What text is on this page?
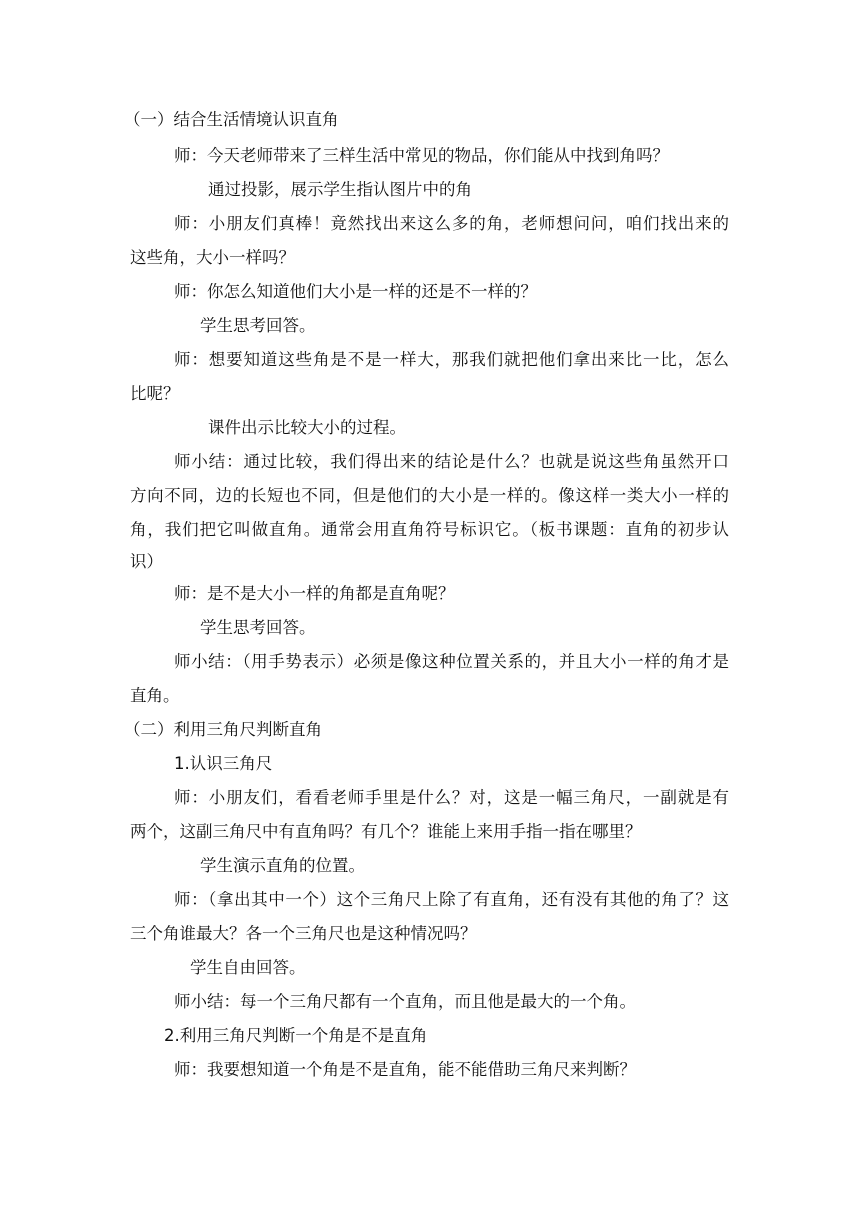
（一）结合生活情境认识直角
师：今天老师带来了三样生活中常见的物品，你们能从中找到角吗？
通过投影，展示学生指认图片中的角
师：小朋友们真棒！竟然找出来这么多的角，老师想问问，咱们找出来的
这些角，大小一样吗？
师：你怎么知道他们大小是一样的还是不一样的？
学生思考回答。
师：想要知道这些角是不是一样大，那我们就把他们拿出来比一比，怎么
比呢？
课件出示比较大小的过程。
师小结：通过比较，我们得出来的结论是什么？也就是说这些角虽然开口
方向不同，边的长短也不同，但是他们的大小是一样的。像这样一类大小一样的
角，我们把它叫做直角。通常会用直角符号标识它。（板书课题：直角的初步认
识）
师：是不是大小一样的角都是直角呢？
学生思考回答。
师小结：（用手势表示）必须是像这种位置关系的，并且大小一样的角才是
直角。
（二）利用三角尺判断直角
1.认识三角尺
师：小朋友们，看看老师手里是什么？对，这是一幅三角尺，一副就是有
两个，这副三角尺中有直角吗？有几个？谁能上来用手指一指在哪里？
学生演示直角的位置。
师：（拿出其中一个）这个三角尺上除了有直角，还有没有其他的角了？这
三个角谁最大？各一个三角尺也是这种情况吗？
学生自由回答。
师小结：每一个三角尺都有一个直角，而且他是最大的一个角。
2.利用三角尺判断一个角是不是直角
师：我要想知道一个角是不是直角，能不能借助三角尺来判断？
